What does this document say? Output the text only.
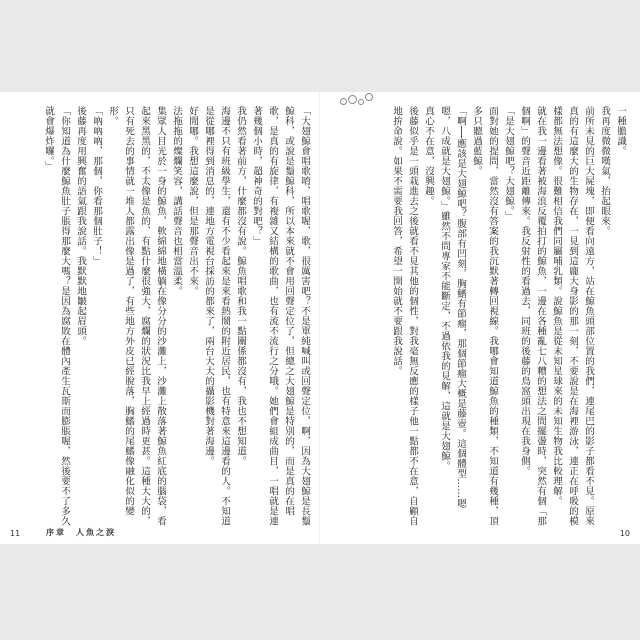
「大翅鯨會唱歌唷，唱歌喔，歌，很厲害吧？不是單純喊叫或回聲定位，啊，因為大翅鯨是長鬚鯨科，或說是鬚鯨科，所以本來就不會用回聲定位了，但總之大翅鯨是特別的，而是真的在唱歌，是真的有旋律，有複雜又結構的歌曲，也有流不流行之分哦。她們會組成曲目，一唱就是連著幾個小時，超神奇的對吧？」
我仍然看著前方，什麼都沒有說。鯨魚唱歌和我一點關係都沒有，我也不想知道。
海邊不只有班級學生，還有不少看起來是來看熱鬧的附近居民，也有特意來這邊看的人。不知道是從哪裡得到消息的，連地方電視台採訪的都來了，兩台大大的攝影機對著海邊。
好閒哪。我想這麼說，但是那聲音出不來。
法拖拖的燦爛笑容，講話聲音也相當溫柔。
集眾人目光於一身的鯨魚，軟綿綿地橫躺在像分分的沙灘上，沙灘上散落著鯨魚紅底的腦袋，看起來黑黑的，不太像是魚的，有點什麼很強大，腐爛的狀況比我早上經過時更甚。這種大大的，只有死去的事情就一堆人都露出像是過了，有些地方外皮已經脫落，胸鰭的尾鰭像融化似的變形。
「吶吶吶，那個，你看那個肚子！」
後藤再度用興奮的語氣跟我說話。我默默地皺起眉頭。
「你知道為什麼鯨魚肚子脹得那麼大嗎？是因為腐敗在體內產生瓦斯而膨脹喔，然後要不了多久就會爆炸囉。」
11	序章　人魚之淚
一種膽識。
我再度微微嘆氣，抬起眼來。
前所未見的巨大屍塊，即便看向遠方，站在鯨魚頭部位置的我們，連尾巴的影子都看不見。原來真的有這麼大的生物存在，一見到這龐大身影的那一刻，不要說是在海裡游泳，連正在呼吸的模樣都無法想像。很難相信我們同屬哺乳類。說鯨魚是從未知星球來的未知生物我比較理解。
就在我一邊看著被海浪反覆拍打的鯨魚，一邊在各種亂七八糟的想法之間擺盪時，突然有個「那個啊」的聲音近距離傳來。我反射性的看過去，同班的後藤的鳥窩頭出現在我身側。
「是大翅鯨吧？大翅鯨。」
面對她的提問，當然沒有答案的我沉默著轉回視線。我哪會知道鯨魚的種類，不知道有幾種，頂多只聽過藍鯨。
「啊──應該是大翅鯨吧？腹部有凹刻，胸鰭有節瘤，那個節瘤大概是藤壺。這個體型……嗯嗯，八成就是大翅鯨。」雖然不問專家不能斷定，不過依我的見解，這就是大翅鯨。
真心不在意，沒興趣。
後藤似乎是一頭栽進去之後就看不見其他的個性，對我毫無反應的樣子他一點都不在意，自顧自地拚命說。如果不需要我回答，希望一開始就不要跟我說話。
10
